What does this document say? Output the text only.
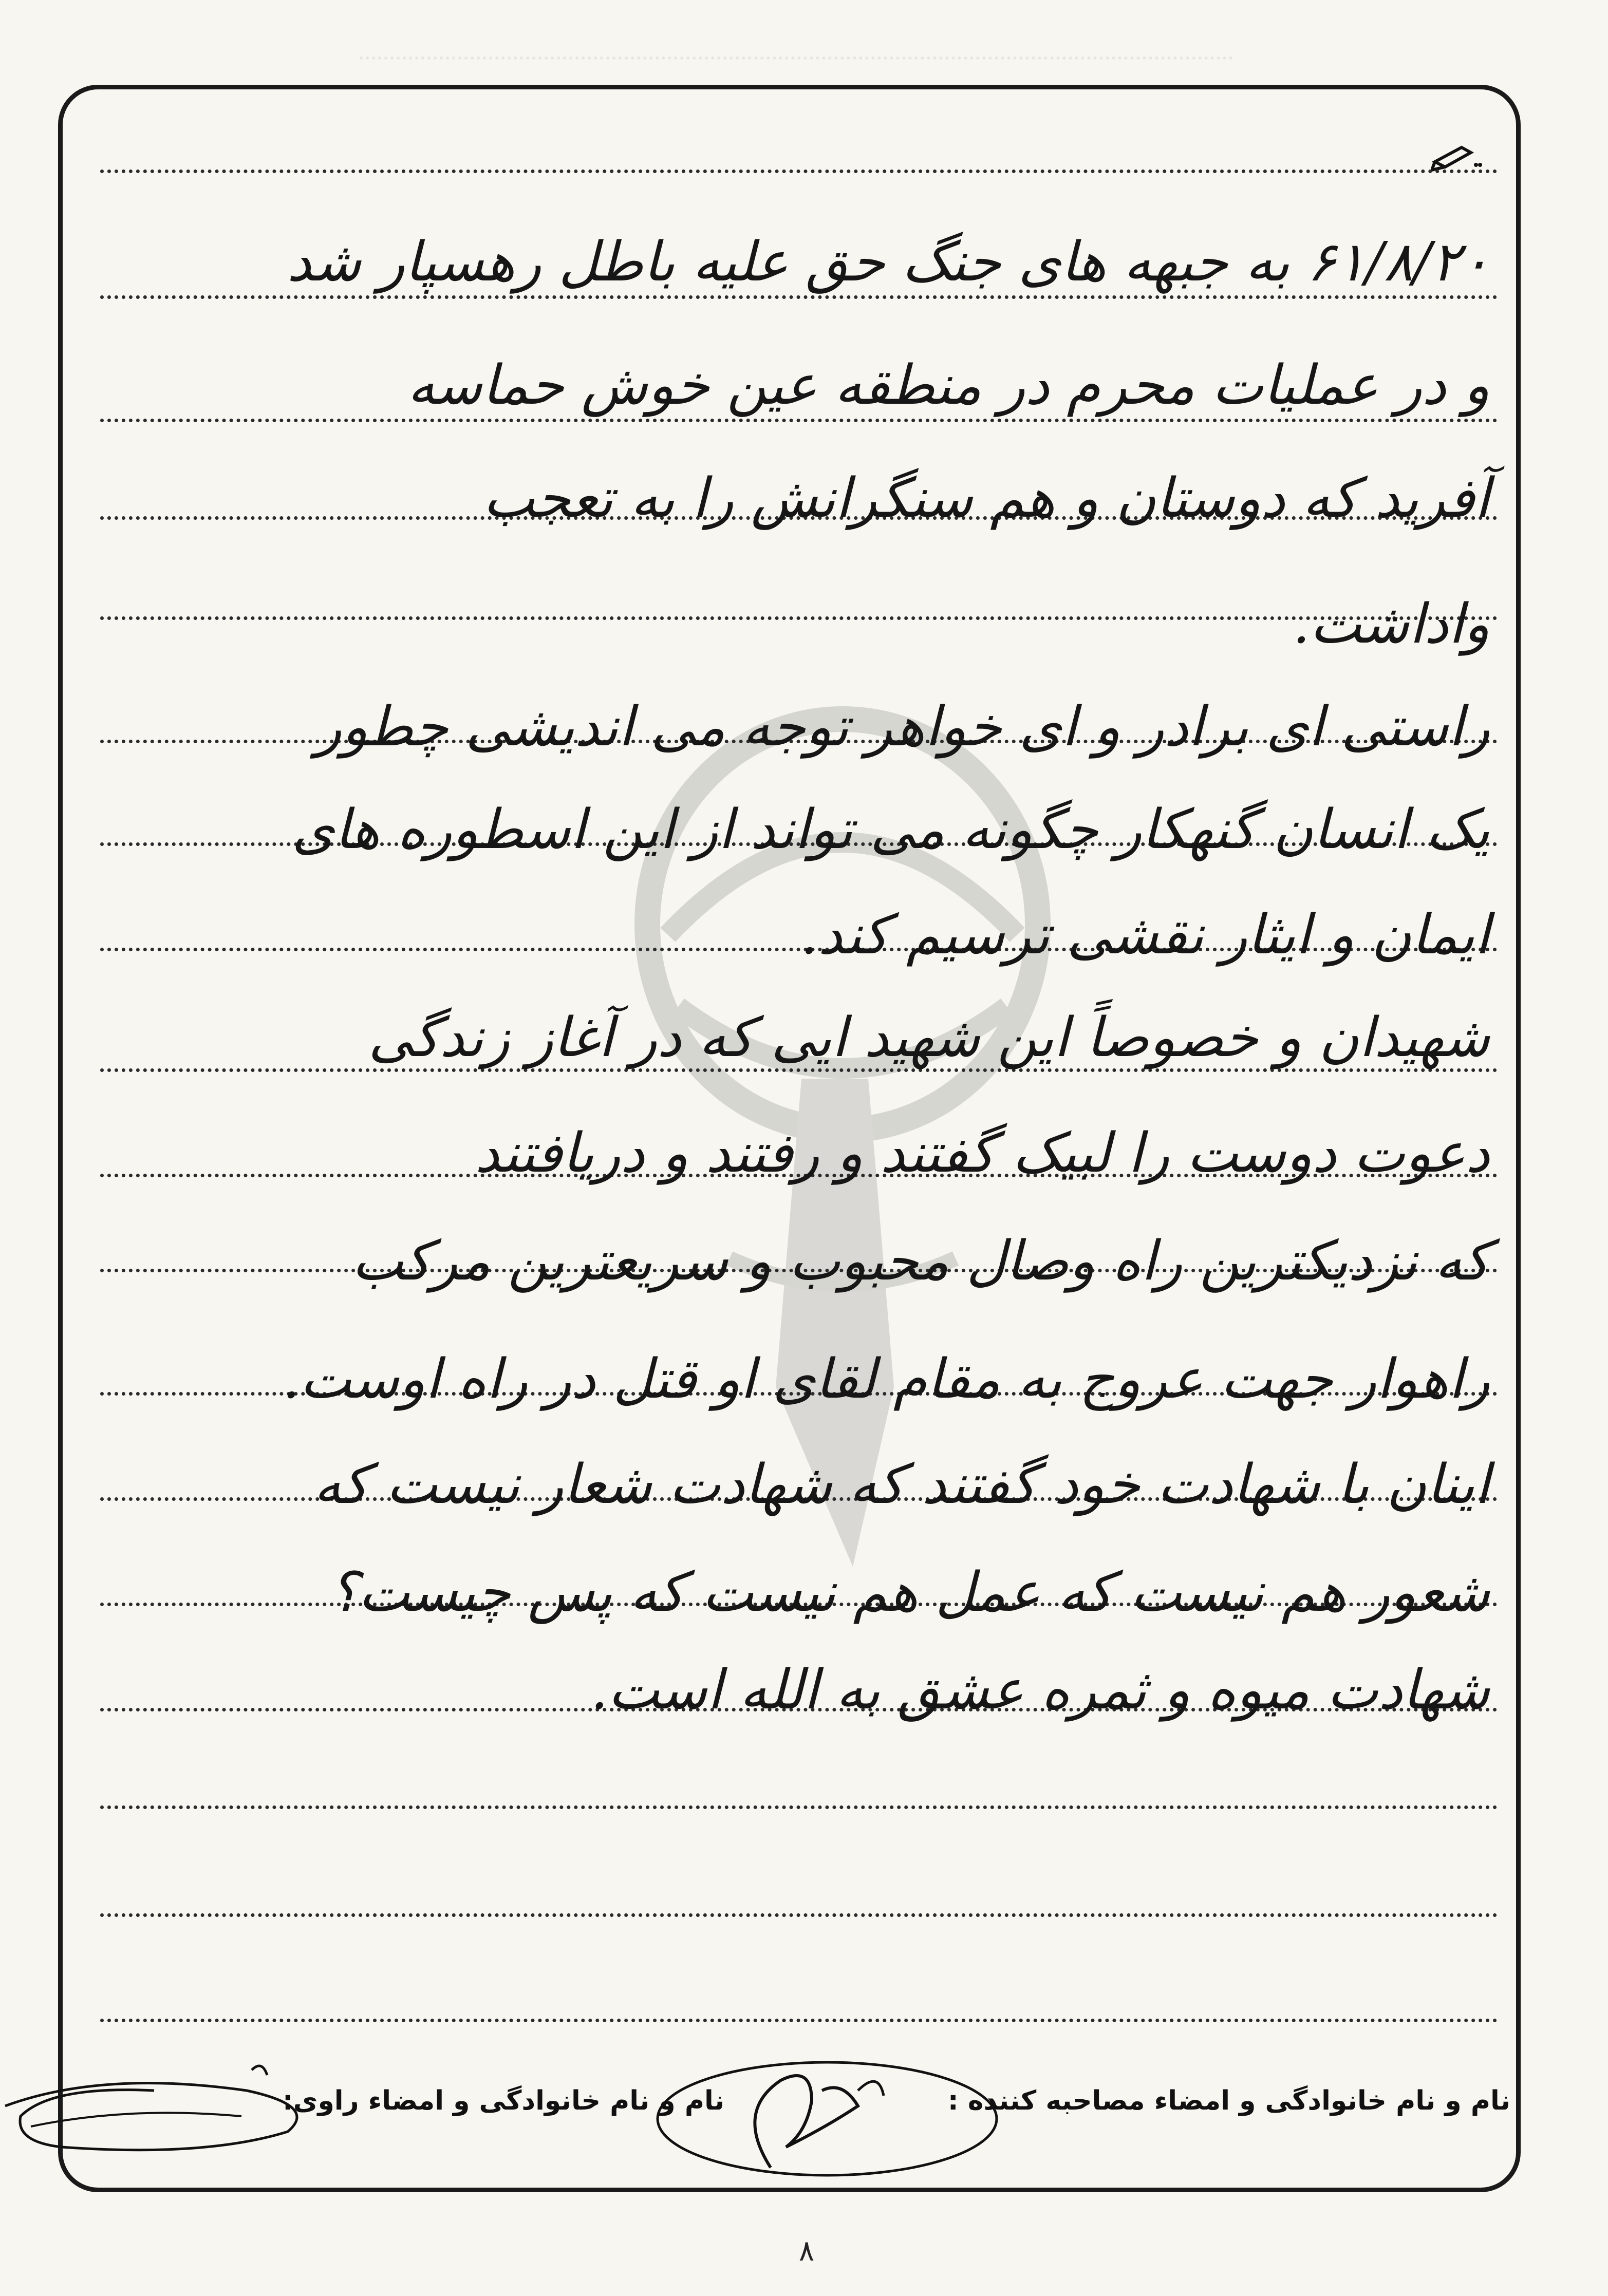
۶۱/۸/۲۰ به جبهه های جنگ حق علیه باطل رهسپار شد
و در عملیات محرم در منطقه عین خوش حماسه
آفرید که دوستان و هم سنگرانش را به تعجب
واداشت.
راستی ای برادر و ای خواهر توجه می اندیشی چطور
یک انسان گنهکار چگونه می تواند از این اسطوره های
ایمان و ایثار نقشی ترسیم کند.
شهیدان و خصوصاً این شهید ایی که در آغاز زندگی
دعوت دوست را لبیک گفتند و رفتند و دریافتند
که نزدیکترین راه وصال محبوب و سریعترین مرکب
راهوار جهت عروج به مقام لقای او قتل در راه اوست.
اینان با شهادت خود گفتند که شهادت شعار نیست که
شعور هم نیست که عمل هم نیست که پس چیست؟
شهادت میوه و ثمره عشق به الله است.
نام و نام خانوادگی و امضاء مصاحبه کننده :
نام و نام خانوادگی و امضاء راوی:
۸
